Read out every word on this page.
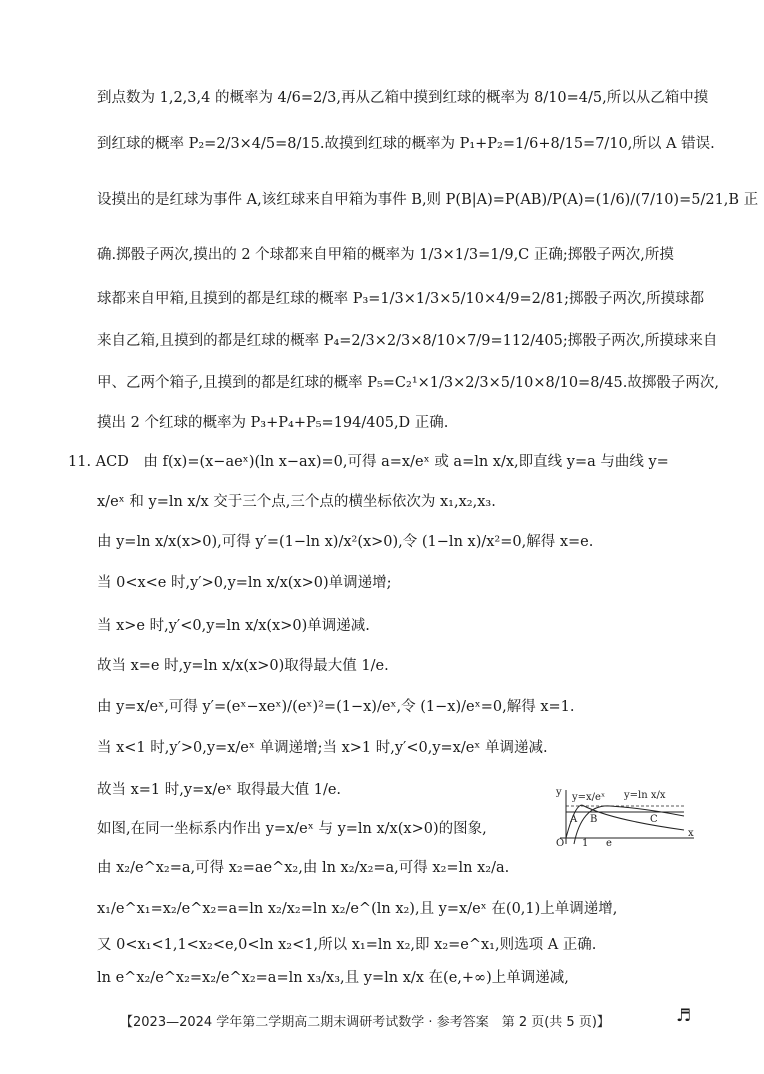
到点数为 1,2,3,4 的概率为 4/6=2/3,再从乙箱中摸到红球的概率为 8/10=4/5,所以从乙箱中摸
到红球的概率 P₂=2/3×4/5=8/15.故摸到红球的概率为 P₁+P₂=1/6+8/15=7/10,所以 A 错误.
设摸出的是红球为事件 A,该红球来自甲箱为事件 B,则 P(B|A)=P(AB)/P(A)=(1/6)/(7/10)=5/21,B 正
确.掷骰子两次,摸出的 2 个球都来自甲箱的概率为 1/3×1/3=1/9,C 正确;掷骰子两次,所摸
球都来自甲箱,且摸到的都是红球的概率 P₃=1/3×1/3×5/10×4/9=2/81;掷骰子两次,所摸球都
来自乙箱,且摸到的都是红球的概率 P₄=2/3×2/3×8/10×7/9=112/405;掷骰子两次,所摸球来自
甲、乙两个箱子,且摸到的都是红球的概率 P₅=C₂¹×1/3×2/3×5/10×8/10=8/45.故掷骰子两次,
摸出 2 个红球的概率为 P₃+P₄+P₅=194/405,D 正确.
11. ACD　由 f(x)=(x−aeˣ)(ln x−ax)=0,可得 a=x/eˣ 或 a=ln x/x,即直线 y=a 与曲线 y=
x/eˣ 和 y=ln x/x 交于三个点,三个点的横坐标依次为 x₁,x₂,x₃.
由 y=ln x/x(x>0),可得 y′=(1−ln x)/x²(x>0),令 (1−ln x)/x²=0,解得 x=e.
当 0<x<e 时,y′>0,y=ln x/x(x>0)单调递增;
当 x>e 时,y′<0,y=ln x/x(x>0)单调递减.
故当 x=e 时,y=ln x/x(x>0)取得最大值 1/e.
由 y=x/eˣ,可得 y′=(eˣ−xeˣ)/(eˣ)²=(1−x)/eˣ,令 (1−x)/eˣ=0,解得 x=1.
当 x<1 时,y′>0,y=x/eˣ 单调递增;当 x>1 时,y′<0,y=x/eˣ 单调递减.
故当 x=1 时,y=x/eˣ 取得最大值 1/e.
如图,在同一坐标系内作出 y=x/eˣ 与 y=ln x/x(x>0)的图象,
由 x₂/e^x₂=a,可得 x₂=ae^x₂,由 ln x₂/x₂=a,可得 x₂=ln x₂/a.
x₁/e^x₁=x₂/e^x₂=a=ln x₂/x₂=ln x₂/e^(ln x₂),且 y=x/eˣ 在(0,1)上单调递增,
又 0<x₁<1,1<x₂<e,0<ln x₂<1,所以 x₁=ln x₂,即 x₂=e^x₁,则选项 A 正确.
ln e^x₂/e^x₂=x₂/e^x₂=a=ln x₃/x₃,且 y=ln x/x 在(e,+∞)上单调递减,
y
x
O
y=x/eˣ y=ln x/x
A B	C
1 e
【2023—2024 学年第二学期高二期末调研考试数学 · 参考答案　第 2 页(共 5 页)】	♬
